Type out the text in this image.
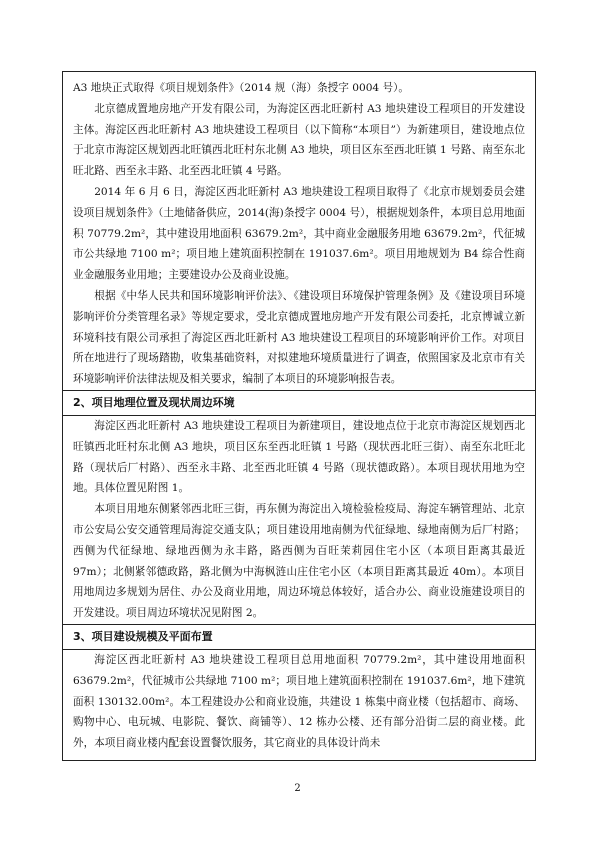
A3 地块正式取得《项目规划条件》（2014 规（海）条授字 0004 号）。

北京德成置地房地产开发有限公司，为海淀区西北旺新村 A3 地块建设工程项目的开发建设主体。海淀区西北旺新村 A3 地块建设工程项目（以下简称“本项目”）为新建项目，建设地点位于北京市海淀区规划西北旺镇西北旺村东北侧 A3 地块，项目区东至西北旺镇 1 号路、南至东北旺北路、西至永丰路、北至西北旺镇 4 号路。

2014 年 6 月 6 日，海淀区西北旺新村 A3 地块建设工程项目取得了《北京市规划委员会建设项目规划条件》（土地储备供应，2014(海)条授字 0004 号），根据规划条件，本项目总用地面积 70779.2m²，其中建设用地面积 63679.2m²，其中商业金融服务用地 63679.2m²，代征城市公共绿地 7100 m²；项目地上建筑面积控制在 191037.6m²。项目用地规划为 B4 综合性商业金融服务业用地；主要建设办公及商业设施。

根据《中华人民共和国环境影响评价法》、《建设项目环境保护管理条例》及《建设项目环境影响评价分类管理名录》等规定要求，受北京德成置地房地产开发有限公司委托，北京博诚立新环境科技有限公司承担了海淀区西北旺新村 A3 地块建设工程项目的环境影响评价工作。对项目所在地进行了现场踏勘，收集基础资料，对拟建地环境质量进行了调查，依照国家及北京市有关环境影响评价法律法规及相关要求，编制了本项目的环境影响报告表。

2、项目地理位置及现状周边环境

海淀区西北旺新村 A3 地块建设工程项目为新建项目，建设地点位于北京市海淀区规划西北旺镇西北旺村东北侧 A3 地块，项目区东至西北旺镇 1 号路（现状西北旺三街）、南至东北旺北路（现状后厂村路）、西至永丰路、北至西北旺镇 4 号路（现状德政路）。本项目现状用地为空地。具体位置见附图 1。

本项目用地东侧紧邻西北旺三街，再东侧为海淀出入境检验检疫局、海淀车辆管理站、北京市公安局公安交通管理局海淀交通支队；项目建设用地南侧为代征绿地、绿地南侧为后厂村路；西侧为代征绿地、绿地西侧为永丰路，路西侧为百旺茉莉园住宅小区（本项目距离其最近 97m）；北侧紧邻德政路，路北侧为中海枫涟山庄住宅小区（本项目距离其最近 40m）。本项目用地周边多规划为居住、办公及商业用地，周边环境总体较好，适合办公、商业设施建设项目的开发建设。项目周边环境状况见附图 2。

3、项目建设规模及平面布置

海淀区西北旺新村 A3 地块建设工程项目总用地面积 70779.2m²，其中建设用地面积 63679.2m²，代征城市公共绿地 7100 m²；项目地上建筑面积控制在 191037.6m²，地下建筑面积 130132.00m²。本工程建设办公和商业设施，共建设 1 栋集中商业楼（包括超市、商场、购物中心、电玩城、电影院、餐饮、商铺等）、12 栋办公楼、还有部分沿街二层的商业楼。此外，本项目商业楼内配套设置餐饮服务，其它商业的具体设计尚未

2
